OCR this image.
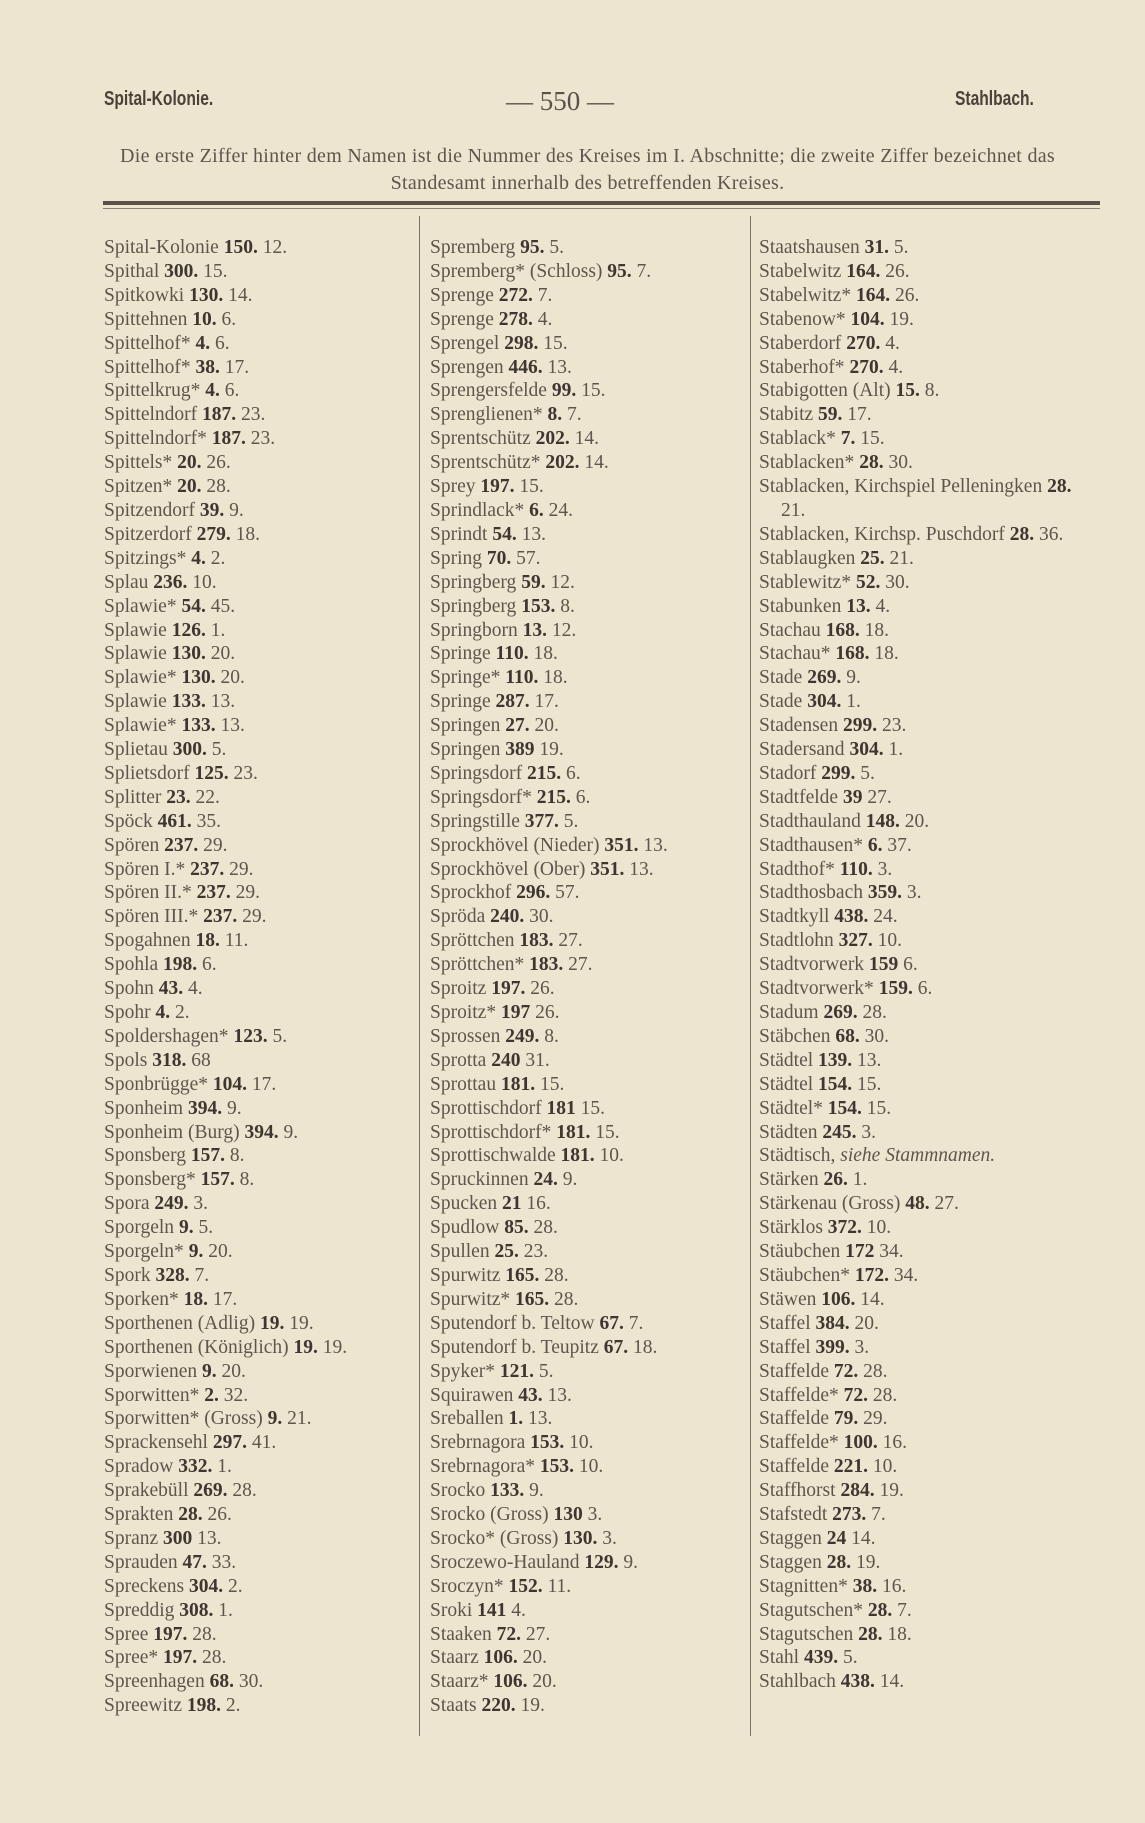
Spital-Kolonie.	— 550 —	Stahlbach.
Die erste Ziffer hinter dem Namen ist die Nummer des Kreises im I. Abschnitte; die zweite Ziffer bezeichnet das Standesamt innerhalb des betreffenden Kreises.
Spital-Kolonie 150. 12.
Spithal 300. 15.
Spitkowki 130. 14.
Spittehnen 10. 6.
Spittelhof* 4. 6.
Spittelhof* 38. 17.
Spittelkrug* 4. 6.
Spittelndorf 187. 23.
Spittelndorf* 187. 23.
Spittels* 20. 26.
Spitzen* 20. 28.
Spitzendorf 39. 9.
Spitzerdorf 279. 18.
Spitzings* 4. 2.
Splau 236. 10.
Splawie* 54. 45.
Splawie 126. 1.
Splawie 130. 20.
Splawie* 130. 20.
Splawie 133. 13.
Splawie* 133. 13.
Splietau 300. 5.
Splietsdorf 125. 23.
Splitter 23. 22.
Spöck 461. 35.
Spören 237. 29.
Spören I.* 237. 29.
Spören II.* 237. 29.
Spören III.* 237. 29.
Spogahnen 18. 11.
Spohla 198. 6.
Spohn 43. 4.
Spohr 4. 2.
Spoldershagen* 123. 5.
Spols 318. 68
Sponbrügge* 104. 17.
Sponheim 394. 9.
Sponheim (Burg) 394. 9.
Sponsberg 157. 8.
Sponsberg* 157. 8.
Spora 249. 3.
Sporgeln 9. 5.
Sporgeln* 9. 20.
Spork 328. 7.
Sporken* 18. 17.
Sporthenen (Adlig) 19. 19.
Sporthenen (Königlich) 19. 19.
Sporwienen 9. 20.
Sporwitten* 2. 32.
Sporwitten* (Gross) 9. 21.
Sprackensehl 297. 41.
Spradow 332. 1.
Sprakebüll 269. 28.
Sprakten 28. 26.
Spranz 300 13.
Sprauden 47. 33.
Spreckens 304. 2.
Spreddig 308. 1.
Spree 197. 28.
Spree* 197. 28.
Spreenhagen 68. 30.
Spreewitz 198. 2.
Spremberg 95. 5.
Spremberg* (Schloss) 95. 7.
Sprenge 272. 7.
Sprenge 278. 4.
Sprengel 298. 15.
Sprengen 446. 13.
Sprengersfelde 99. 15.
Sprenglienen* 8. 7.
Sprentschütz 202. 14.
Sprentschütz* 202. 14.
Sprey 197. 15.
Sprindlack* 6. 24.
Sprindt 54. 13.
Spring 70. 57.
Springberg 59. 12.
Springberg 153. 8.
Springborn 13. 12.
Springe 110. 18.
Springe* 110. 18.
Springe 287. 17.
Springen 27. 20.
Springen 389 19.
Springsdorf 215. 6.
Springsdorf* 215. 6.
Springstille 377. 5.
Sprockhövel (Nieder) 351. 13.
Sprockhövel (Ober) 351. 13.
Sprockhof 296. 57.
Spröda 240. 30.
Spröttchen 183. 27.
Spröttchen* 183. 27.
Sproitz 197. 26.
Sproitz* 197 26.
Sprossen 249. 8.
Sprotta 240 31.
Sprottau 181. 15.
Sprottischdorf 181 15.
Sprottischdorf* 181. 15.
Sprottischwalde 181. 10.
Spruckinnen 24. 9.
Spucken 21 16.
Spudlow 85. 28.
Spullen 25. 23.
Spurwitz 165. 28.
Spurwitz* 165. 28.
Sputendorf b. Teltow 67. 7.
Sputendorf b. Teupitz 67. 18.
Spyker* 121. 5.
Squirawen 43. 13.
Sreballen 1. 13.
Srebrnagora 153. 10.
Srebrnagora* 153. 10.
Srocko 133. 9.
Srocko (Gross) 130 3.
Srocko* (Gross) 130. 3.
Sroczewo-Hauland 129. 9.
Sroczyn* 152. 11.
Sroki 141 4.
Staaken 72. 27.
Staarz 106. 20.
Staarz* 106. 20.
Staats 220. 19.
Staatshausen 31. 5.
Stabelwitz 164. 26.
Stabelwitz* 164. 26.
Stabenow* 104. 19.
Staberdorf 270. 4.
Staberhof* 270. 4.
Stabigotten (Alt) 15. 8.
Stabitz 59. 17.
Stablack* 7. 15.
Stablacken* 28. 30.
Stablacken, Kirchspiel Pelleningken 28. 21.
Stablacken, Kirchsp. Puschdorf 28. 36.
Stablaugken 25. 21.
Stablewitz* 52. 30.
Stabunken 13. 4.
Stachau 168. 18.
Stachau* 168. 18.
Stade 269. 9.
Stade 304. 1.
Stadensen 299. 23.
Stadersand 304. 1.
Stadorf 299. 5.
Stadtfelde 39 27.
Stadthauland 148. 20.
Stadthausen* 6. 37.
Stadthof* 110. 3.
Stadthosbach 359. 3.
Stadtkyll 438. 24.
Stadtlohn 327. 10.
Stadtvorwerk 159 6.
Stadtvorwerk* 159. 6.
Stadum 269. 28.
Stäbchen 68. 30.
Städtel 139. 13.
Städtel 154. 15.
Städtel* 154. 15.
Städten 245. 3.
Städtisch, siehe Stammnamen.
Stärken 26. 1.
Stärkenau (Gross) 48. 27.
Stärklos 372. 10.
Stäubchen 172 34.
Stäubchen* 172. 34.
Stäwen 106. 14.
Staffel 384. 20.
Staffel 399. 3.
Staffelde 72. 28.
Staffelde* 72. 28.
Staffelde 79. 29.
Staffelde* 100. 16.
Staffelde 221. 10.
Staffhorst 284. 19.
Stafstedt 273. 7.
Staggen 24 14.
Staggen 28. 19.
Stagnitten* 38. 16.
Stagutschen* 28. 7.
Stagutschen 28. 18.
Stahl 439. 5.
Stahlbach 438. 14.
